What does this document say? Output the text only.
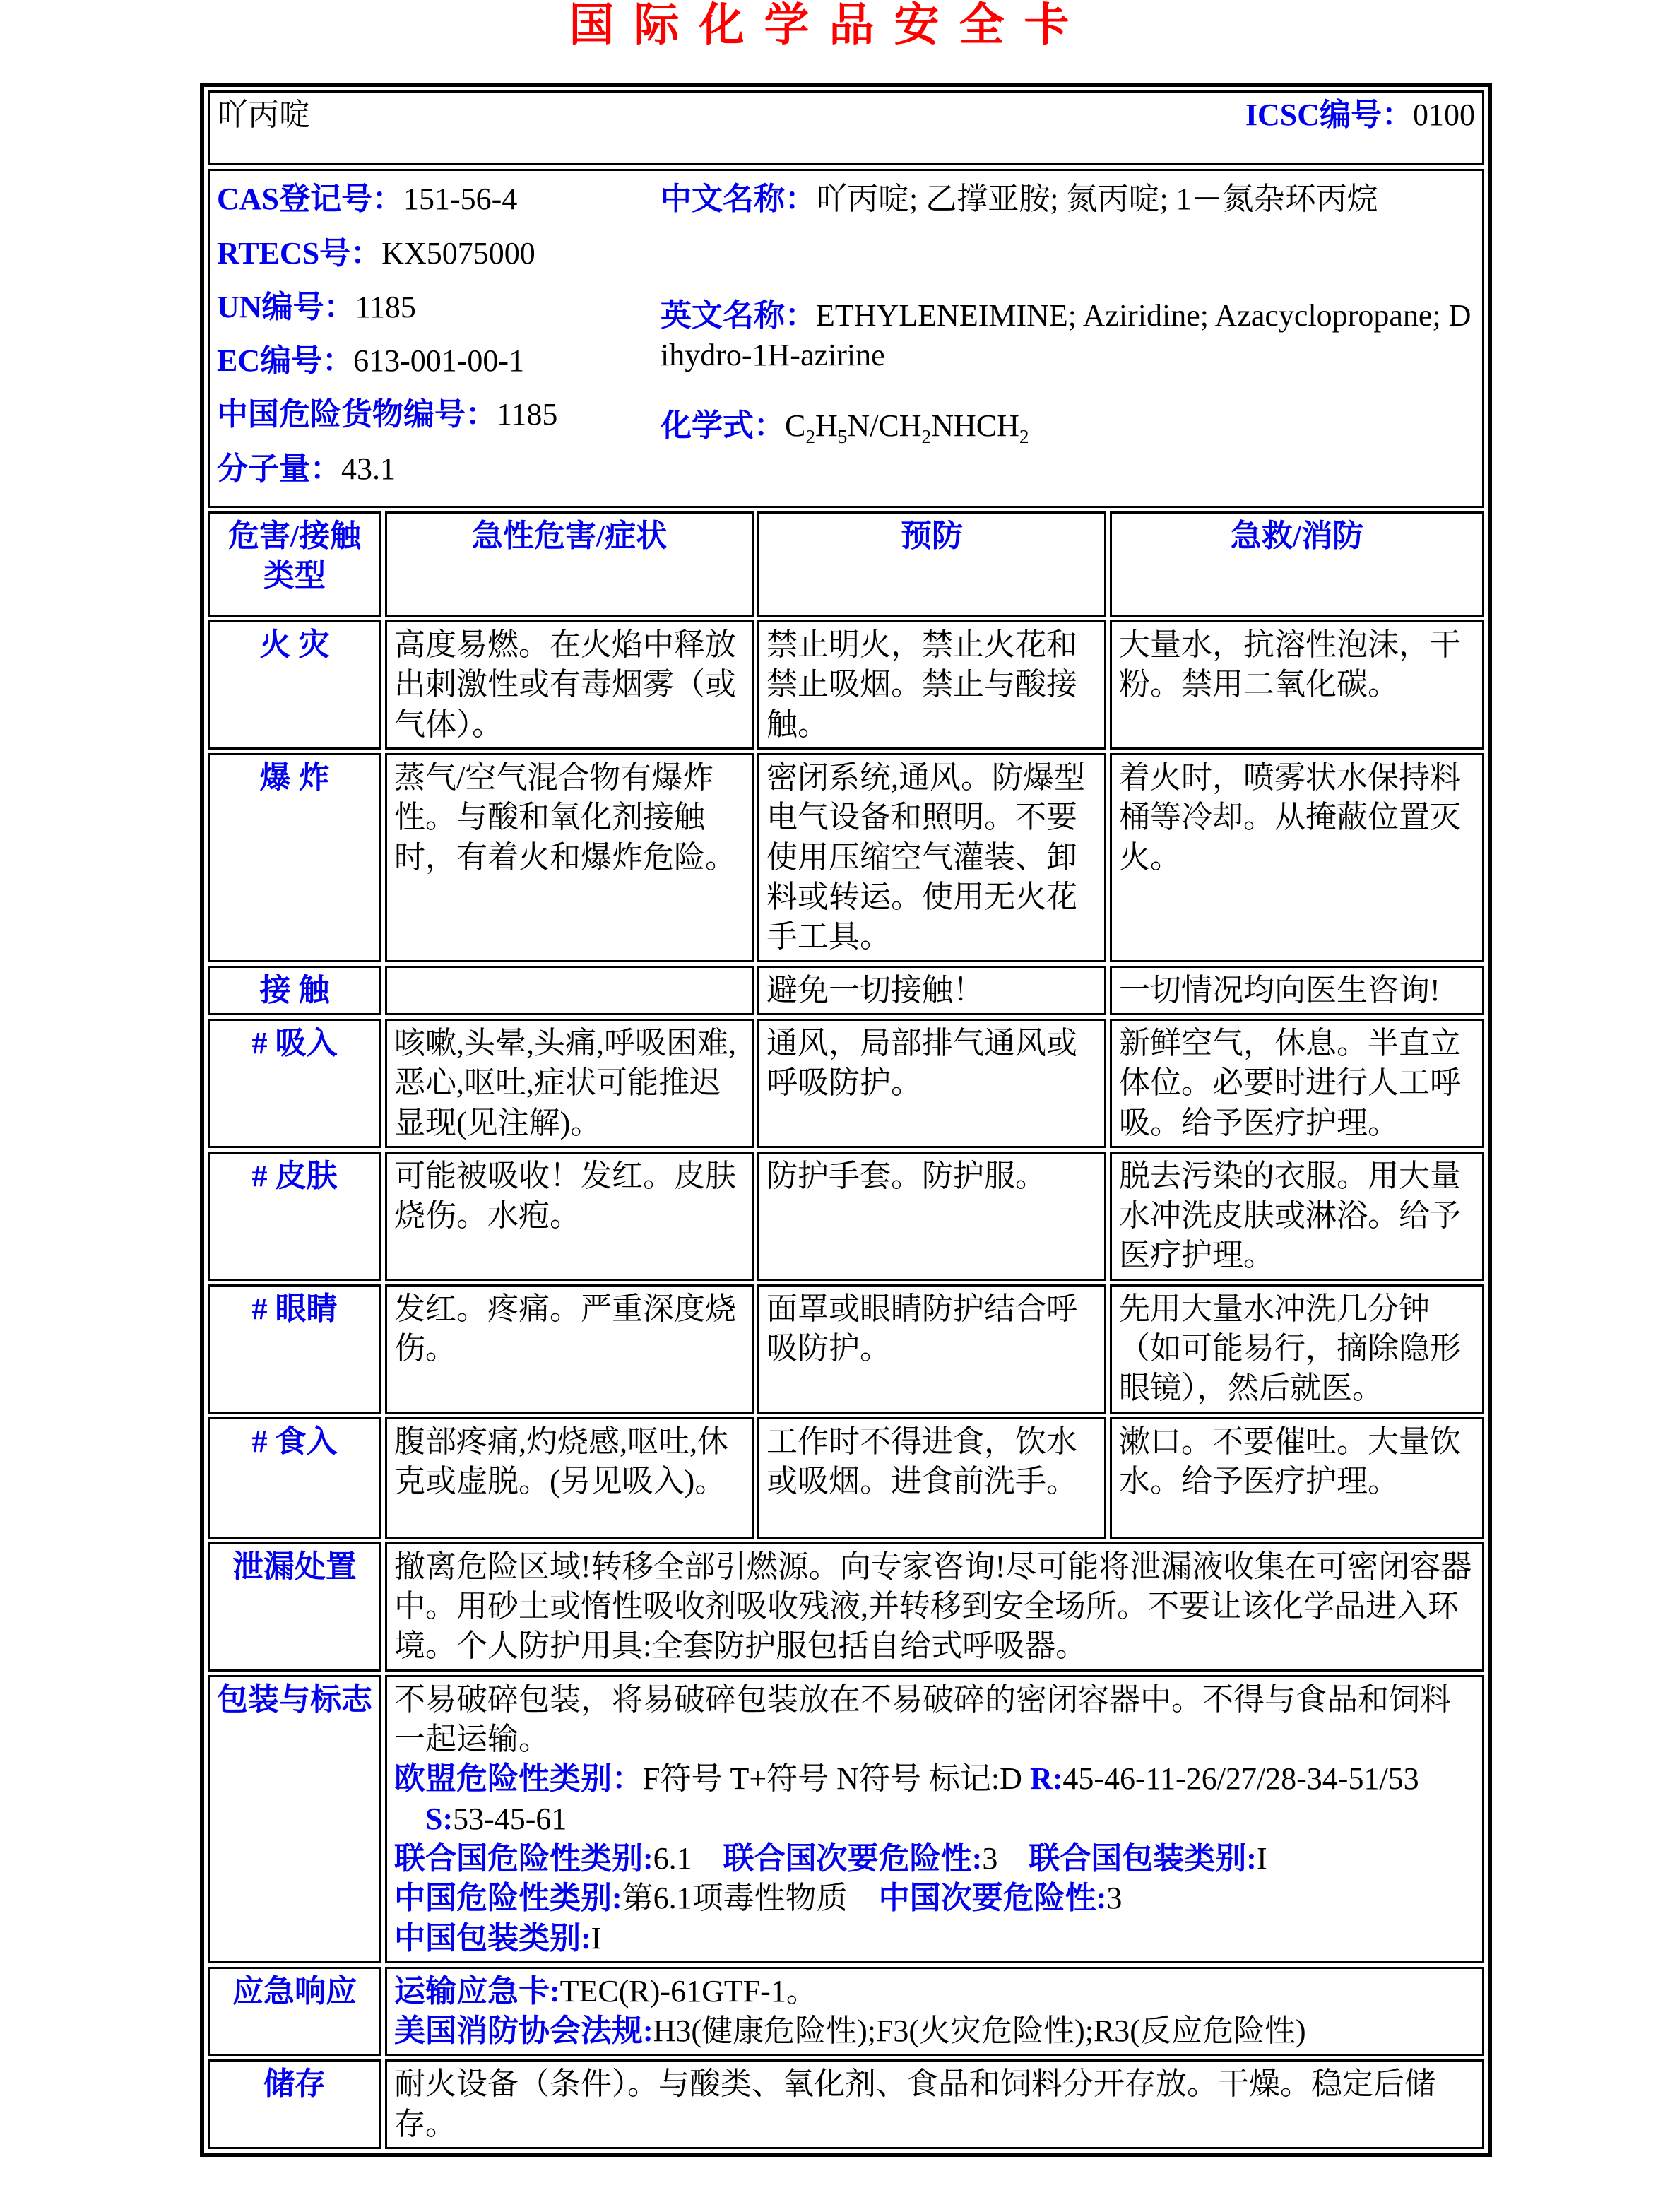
国际化学品安全卡
吖丙啶 ICSC编号：0100			

CAS登记号：151-56-4
RTECS号：KX5075000
UN编号：1185
EC编号：613-001-00-1
中国危险货物编号：1185
分子量：43.1

中文名称：吖丙啶; 乙撑亚胺; 氮丙啶; 1－氮杂环丙烷

英文名称：ETHYLENEIMINE; Aziridine; Azacyclopropane; Dihydro-1H-azirine

化学式：$C_2H_5N/CH_2NHCH_2$

危害/接触
类型	急性危害/症状	预防	急救/消防
火 灾	高度易燃。在火焰中释放出刺激性或有毒烟雾（或气体）。	禁止明火，禁止火花和禁止吸烟。禁止与酸接触。	大量水，抗溶性泡沫，干粉。禁用二氧化碳。
爆 炸	蒸气/空气混合物有爆炸性。与酸和氧化剂接触时，有着火和爆炸危险。	密闭系统,通风。防爆型电气设备和照明。不要使用压缩空气灌装、卸料或转运。使用无火花手工具。	着火时，喷雾状水保持料桶等冷却。从掩蔽位置灭火。
接 触		避免一切接触！	一切情况均向医生咨询!
# 吸入	咳嗽,头晕,头痛,呼吸困难,恶心,呕吐,症状可能推迟显现(见注解)。	通风，局部排气通风或呼吸防护。	新鲜空气，休息。半直立体位。必要时进行人工呼吸。给予医疗护理。
# 皮肤	可能被吸收！发红。皮肤烧伤。水疱。	防护手套。防护服。	脱去污染的衣服。用大量水冲洗皮肤或淋浴。给予医疗护理。
# 眼睛	发红。疼痛。严重深度烧伤。	面罩或眼睛防护结合呼吸防护。	先用大量水冲洗几分钟（如可能易行，摘除隐形眼镜），然后就医。
# 食入	腹部疼痛,灼烧感,呕吐,休克或虚脱。(另见吸入)。	工作时不得进食，饮水或吸烟。进食前洗手。	漱口。不要催吐。大量饮水。给予医疗护理。
泄漏处置	撤离危险区域!转移全部引燃源。向专家咨询!尽可能将泄漏液收集在可密闭容器中。用砂土或惰性吸收剂吸收残液,并转移到安全场所。不要让该化学品进入环境。个人防护用具:全套防护服包括自给式呼吸器。		
包装与标志	不易破碎包装，将易破碎包装放在不易破碎的密闭容器中。不得与食品和饲料一起运输。

欧盟危险性类别：F符号 T+符号 N符号 标记:D R:45-46-11-26/27/28-34-51/53S:53-45-61

联合国危险性类别:6.1 联合国次要危险性:3 联合国包装类别:I

中国危险性类别:第6.1项毒性物质 中国次要危险性:3

中国包装类别:I		

应急响应	运输应急卡:TEC(R)-61GTF-1。

美国消防协会法规:H3(健康危险性);F3(火灾危险性);R3(反应危险性)		

储存	耐火设备（条件）。与酸类、氧化剂、食品和饲料分开存放。干燥。稳定后储存。		
